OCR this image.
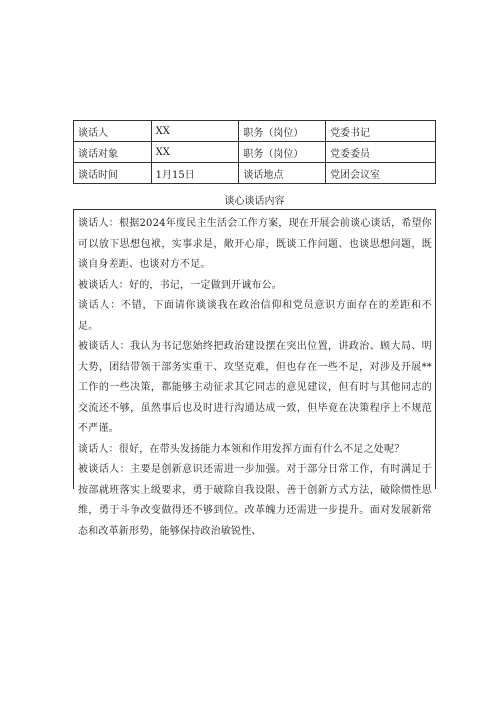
谈话人	XX	职务（岗位）	党委书记
谈话对象	XX	职务（岗位）	党委委员
谈话时间	1月15日	谈话地点	党团会议室
谈心谈话内容

谈话人：根据2024年度民主生活会工作方案，现在开展会前谈心谈话，希望你可以放下思想包袱，实事求是，敞开心扉，既谈工作问题、也谈思想问题，既谈自身差距、也谈对方不足。

被谈话人：好的，书记，一定做到开诚布公。

谈话人：不错，下面请你谈谈我在政治信仰和党员意识方面存在的差距和不足。

被谈话人：我认为书记您始终把政治建设摆在突出位置，讲政治、顾大局、明大势，团结带领干部务实重干、攻坚克难，但也存在一些不足，对涉及开展**工作的一些决策，都能够主动征求其它同志的意见建议，但有时与其他同志的交流还不够，虽然事后也及时进行沟通达成一致，但毕竟在决策程序上不规范不严谨。

谈话人：很好，在带头发扬能力本领和作用发挥方面有什么不足之处呢？

被谈话人：主要是创新意识还需进一步加强。对于部分日常工作，有时满足于按部就班落实上级要求，勇于破除自我设限、善于创新方式方法，破除惯性思维，勇于斗争改变做得还不够到位。改革魄力还需进一步提升。面对发展新常态和改革新形势，能够保持政治敏锐性、
